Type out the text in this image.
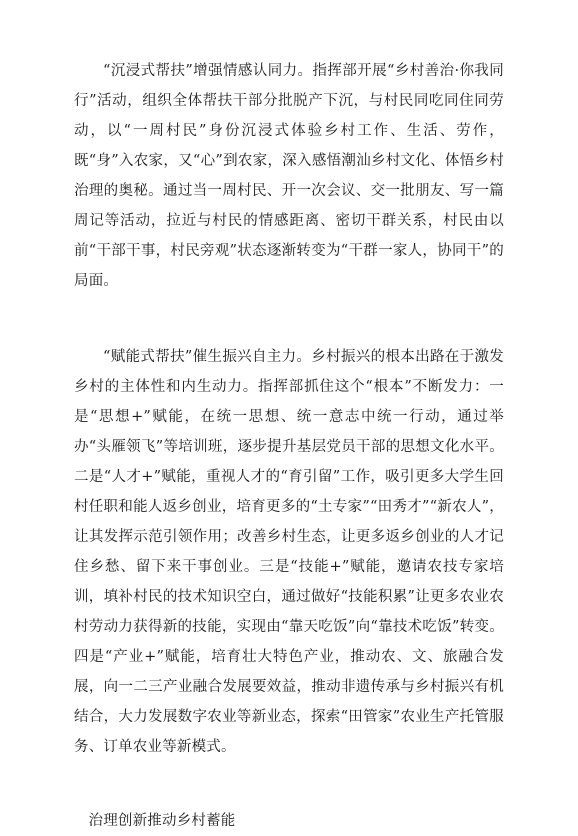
“沉浸式帮扶”增强情感认同力。指挥部开展“乡村善治·你我同行”活动，组织全体帮扶干部分批脱产下沉，与村民同吃同住同劳动，以“一周村民”身份沉浸式体验乡村工作、生活、劳作，既“身”入农家，又“心”到农家，深入感悟潮汕乡村文化、体悟乡村治理的奥秘。通过当一周村民、开一次会议、交一批朋友、写一篇周记等活动，拉近与村民的情感距离、密切干群关系，村民由以前“干部干事，村民旁观”状态逐渐转变为“干群一家人，协同干”的局面。

“赋能式帮扶”催生振兴自主力。乡村振兴的根本出路在于激发乡村的主体性和内生动力。指挥部抓住这个“根本”不断发力：一是“思想+”赋能，在统一思想、统一意志中统一行动，通过举办“头雁领飞”等培训班，逐步提升基层党员干部的思想文化水平。二是“人才+”赋能，重视人才的“育引留”工作，吸引更多大学生回村任职和能人返乡创业，培育更多的“土专家”“田秀才”“新农人”，让其发挥示范引领作用；改善乡村生态，让更多返乡创业的人才记住乡愁、留下来干事创业。三是“技能+”赋能，邀请农技专家培训，填补村民的技术知识空白，通过做好“技能积累”让更多农业农村劳动力获得新的技能，实现由“靠天吃饭”向“靠技术吃饭”转变。四是“产业+”赋能，培育壮大特色产业，推动农、文、旅融合发展，向一二三产业融合发展要效益，推动非遗传承与乡村振兴有机结合，大力发展数字农业等新业态，探索“田管家”农业生产托管服务、订单农业等新模式。

治理创新推动乡村蓄能
